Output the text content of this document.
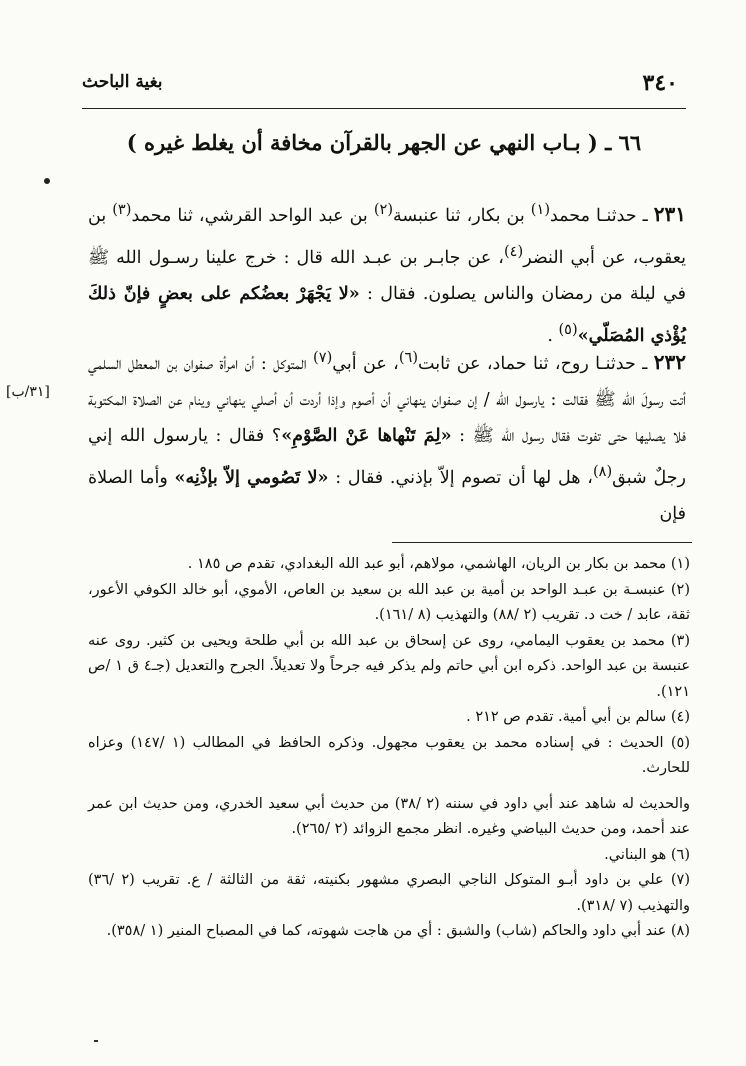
بغية الباحث	٣٤٠
٦٦ ـ ( بـاب النهي عن الجهر بالقرآن مخافة أن يغلط غيره )
٢٣١ ـ حدثنـا محمد$^{(١)}$ بن بكار، ثنا عنبسة$^{(٢)}$ بن عبد الواحد القرشي، ثنا محمد$^{(٣)}$ بن يعقوب، عن أبي النضر$^{(٤)}$، عن جابـر بن عبـد الله قال : خرج علينا رسـول الله ﷺ في ليلة من رمضان والناس يصلون. فقال : «لا يَجْهَرْ بعضُكم على بعضٍ فإنّ ذلكَ يُؤْذي المُصَلّي»$^{(٥)}$ .
٢٣٢ ـ حدثنـا روح، ثنا حماد، عن ثابت$^{(٦)}$، عن أبي$^{(٧)}$ المتوكل : أن امرأة صفوان بن المعطل السلمي أتت رسولَ الله ﷺ فقالت : يارسول الله / إن صفوان ينهاني أن أصوم وإذا أردت أن أصلي ينهاني وينام عن الصلاة المكتوبة فلا يصليها حتى تفوت فقال رسول الله ﷺ : «لِمَ تَنْهاها عَنْ الصَّوْمِ»؟ فقال : يارسول الله إني رجلٌ شبق$^{(٨)}$، هل لها أن تصوم إلاّ بإذني. فقال : «لا تَصُومي إلاّ بإذْنِه» وأما الصلاة فإن
[٣١/ب]

(١) محمد بن بكار بن الريان، الهاشمي، مولاهم، أبو عبد الله البغدادي، تقدم ص ١٨٥ .

(٢) عنبسـة بن عبـد الواحد بن أمية بن عبد الله بن سعيد بن العاص، الأموي، أبو خالد الكوفي الأعور، ثقة، عابد / خت د. تقريب (٢ /٨٨) والتهذيب (٨ /١٦١).

(٣) محمد بن يعقوب اليمامي، روى عن إسحاق بن عبد الله بن أبي طلحة ويحيى بن كثير. روى عنه عنبسة بن عبد الواحد. ذكره ابن أبي حاتم ولم يذكر فيه جرحاً ولا تعديلاً. الجرح والتعديل (جـ٤ ق ١ /ص ١٢١).

(٤) سالم بن أبي أمية. تقدم ص ٢١٢ .

(٥) الحديث : في إسناده محمد بن يعقوب مجهول. وذكره الحافظ في المطالب (١ /١٤٧) وعزاه للحارث.

والحديث له شاهد عند أبي داود في سننه (٢ /٣٨) من حديث أبي سعيد الخدري، ومن حديث ابن عمر عند أحمد، ومن حديث البياضي وغيره. انظر مجمع الزوائد (٢ /٢٦٥).

(٦) هو البناني.

(٧) علي بن داود أبـو المتوكل الناجي البصري مشهور بكنيته، ثقة من الثالثة / ع. تقريب (٢ /٣٦) والتهذيب (٧ /٣١٨).

(٨) عند أبي داود والحاكم (شاب) والشبق : أي من هاجت شهوته، كما في المصباح المنير (١ /٣٥٨).
